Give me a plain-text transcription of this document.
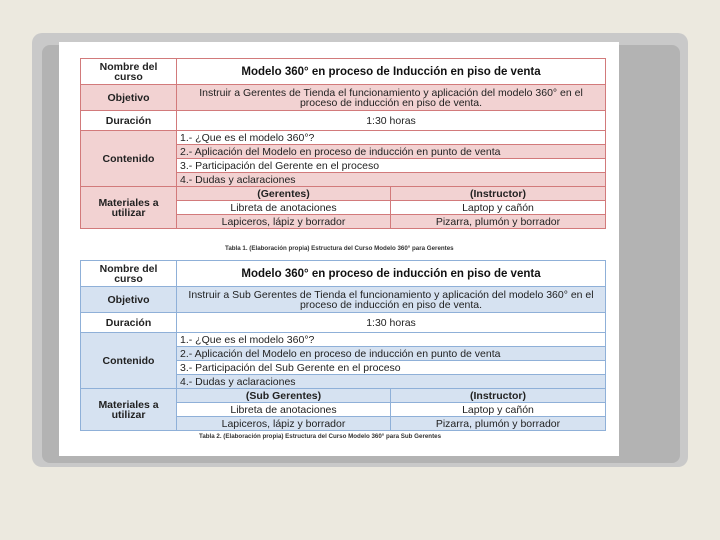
Nombre del curso	Modelo 360° en proceso de Inducción en piso de venta	
Objetivo	Instruir a Gerentes de Tienda el funcionamiento y aplicación del modelo 360° en el proceso de inducción en piso de venta.	
Duración	1:30 horas	
Contenido	1.- ¿Que es el modelo 360°?	
	2.- Aplicación del Modelo en proceso de inducción en punto de venta	
	3.- Participación del Gerente en el proceso	
	4.- Dudas y aclaraciones	
Materiales a utilizar	(Gerentes)	(Instructor)
	Libreta de anotaciones	Laptop y cañón
	Lapiceros, lápiz y borrador	Pizarra, plumón y borrador
Tabla 1. (Elaboración propia) Estructura del Curso Modelo 360° para Gerentes
Nombre del curso	Modelo 360° en proceso de inducción en piso de venta	
Objetivo	Instruir a Sub Gerentes de Tienda el funcionamiento y aplicación del modelo 360° en el proceso de inducción en piso de venta.	
Duración	1:30 horas	
Contenido	1.- ¿Que es el modelo 360°?	
	2.- Aplicación del Modelo en proceso de inducción en punto de venta	
	3.- Participación del Sub Gerente en el proceso	
	4.- Dudas y aclaraciones	
Materiales a utilizar	(Sub Gerentes)	(Instructor)
	Libreta de anotaciones	Laptop y cañón
	Lapiceros, lápiz y borrador	Pizarra, plumón y borrador
Tabla 2. (Elaboración propia) Estructura del Curso Modelo 360° para Sub Gerentes
